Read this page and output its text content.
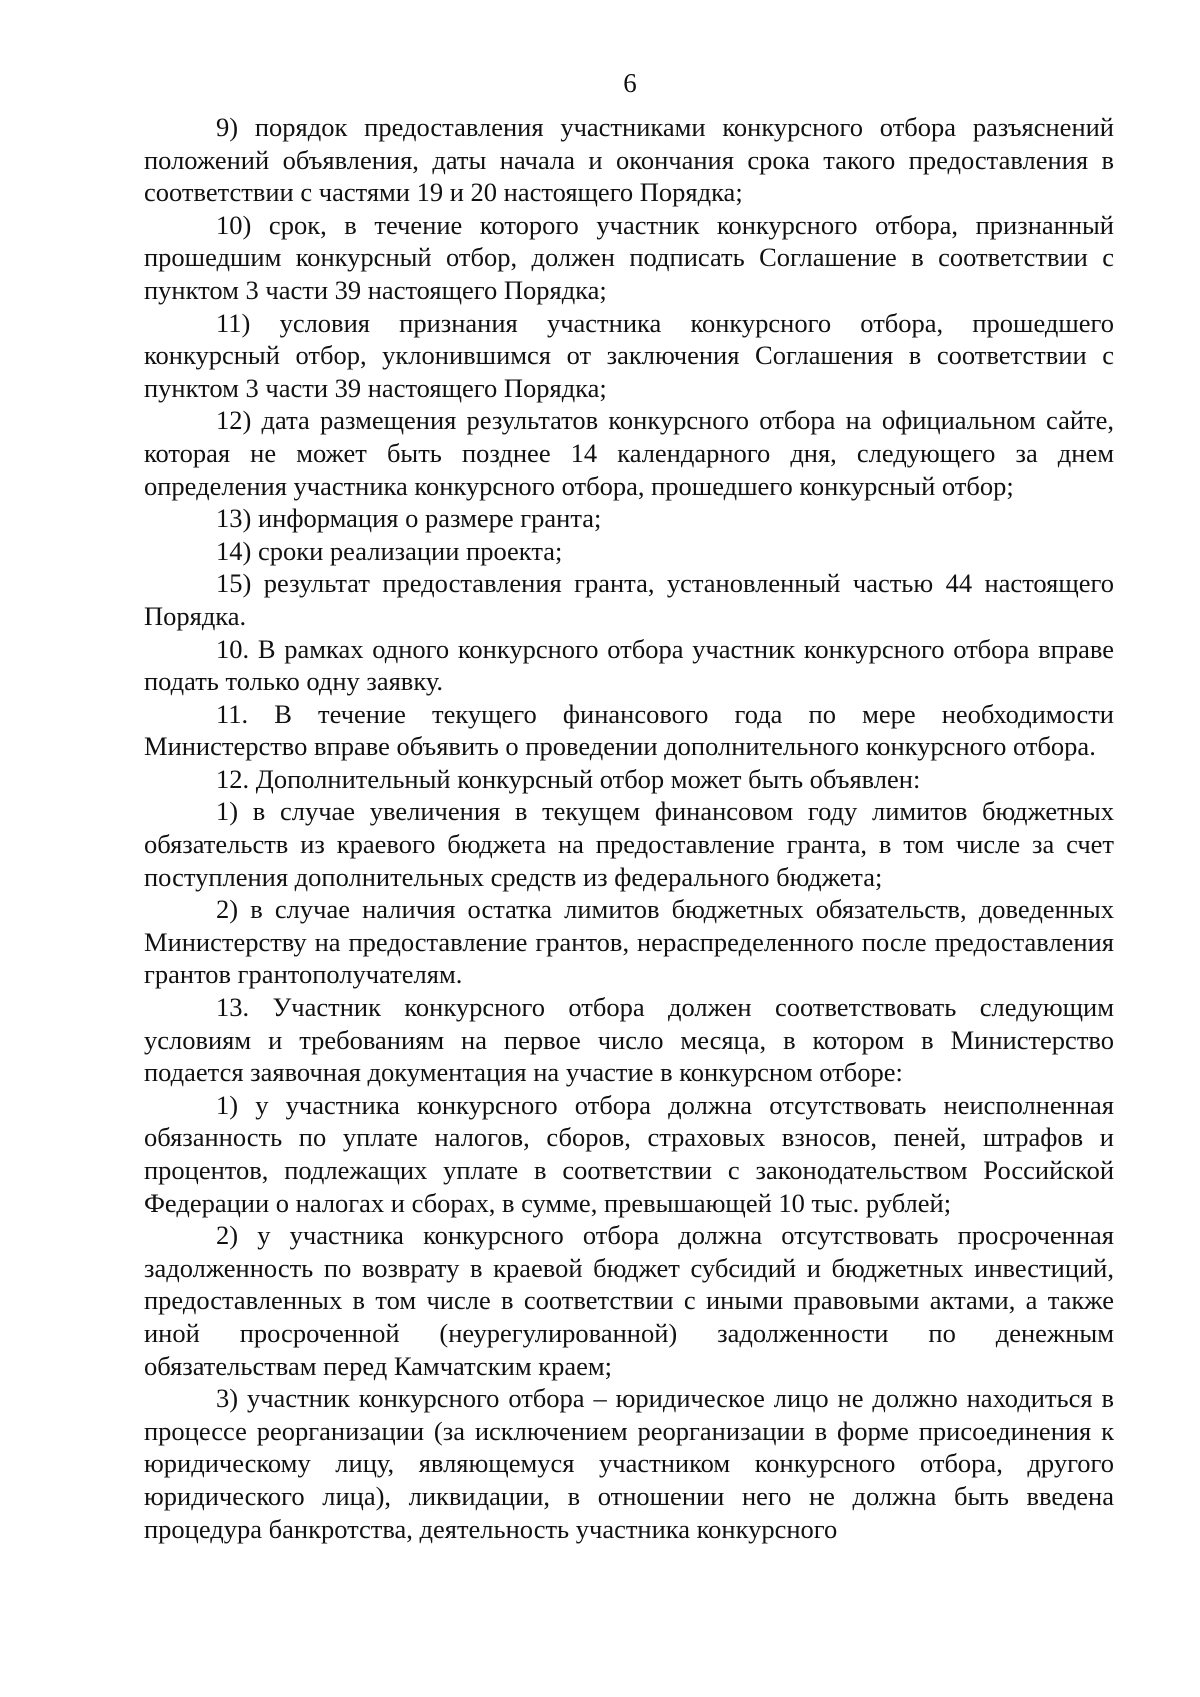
6

9) порядок предоставления участниками конкурсного отбора разъяснений положений объявления, даты начала и окончания срока такого предоставления в соответствии с частями 19 и 20 настоящего Порядка;

10) срок, в течение которого участник конкурсного отбора, признанный прошедшим конкурсный отбор, должен подписать Соглашение в соответствии с пунктом 3 части 39 настоящего Порядка;

11) условия признания участника конкурсного отбора, прошедшего конкурсный отбор, уклонившимся от заключения Соглашения в соответствии с пунктом 3 части 39 настоящего Порядка;

12) дата размещения результатов конкурсного отбора на официальном сайте, которая не может быть позднее 14 календарного дня, следующего за днем определения участника конкурсного отбора, прошедшего конкурсный отбор;

13) информация о размере гранта;

14) сроки реализации проекта;

15) результат предоставления гранта, установленный частью 44 настоящего Порядка.

10. В рамках одного конкурсного отбора участник конкурсного отбора вправе подать только одну заявку.

11. В течение текущего финансового года по мере необходимости Министерство вправе объявить о проведении дополнительного конкурсного отбора.

12. Дополнительный конкурсный отбор может быть объявлен:

1) в случае увеличения в текущем финансовом году лимитов бюджетных обязательств из краевого бюджета на предоставление гранта, в том числе за счет поступления дополнительных средств из федерального бюджета;

2) в случае наличия остатка лимитов бюджетных обязательств, доведенных Министерству на предоставление грантов, нераспределенного после предоставления грантов грантополучателям.

13. Участник конкурсного отбора должен соответствовать следующим условиям и требованиям на первое число месяца, в котором в Министерство подается заявочная документация на участие в конкурсном отборе:

1) у участника конкурсного отбора должна отсутствовать неисполненная обязанность по уплате налогов, сборов, страховых взносов, пеней, штрафов и процентов, подлежащих уплате в соответствии с законодательством Российской Федерации о налогах и сборах, в сумме, превышающей 10 тыс. рублей;

2) у участника конкурсного отбора должна отсутствовать просроченная задолженность по возврату в краевой бюджет субсидий и бюджетных инвестиций, предоставленных в том числе в соответствии с иными правовыми актами, а также иной просроченной (неурегулированной) задолженности по денежным обязательствам перед Камчатским краем;

3) участник конкурсного отбора – юридическое лицо не должно находиться в процессе реорганизации (за исключением реорганизации в форме присоединения к юридическому лицу, являющемуся участником конкурсного отбора, другого юридического лица), ликвидации, в отношении него не должна быть введена процедура банкротства, деятельность участника конкурсного
